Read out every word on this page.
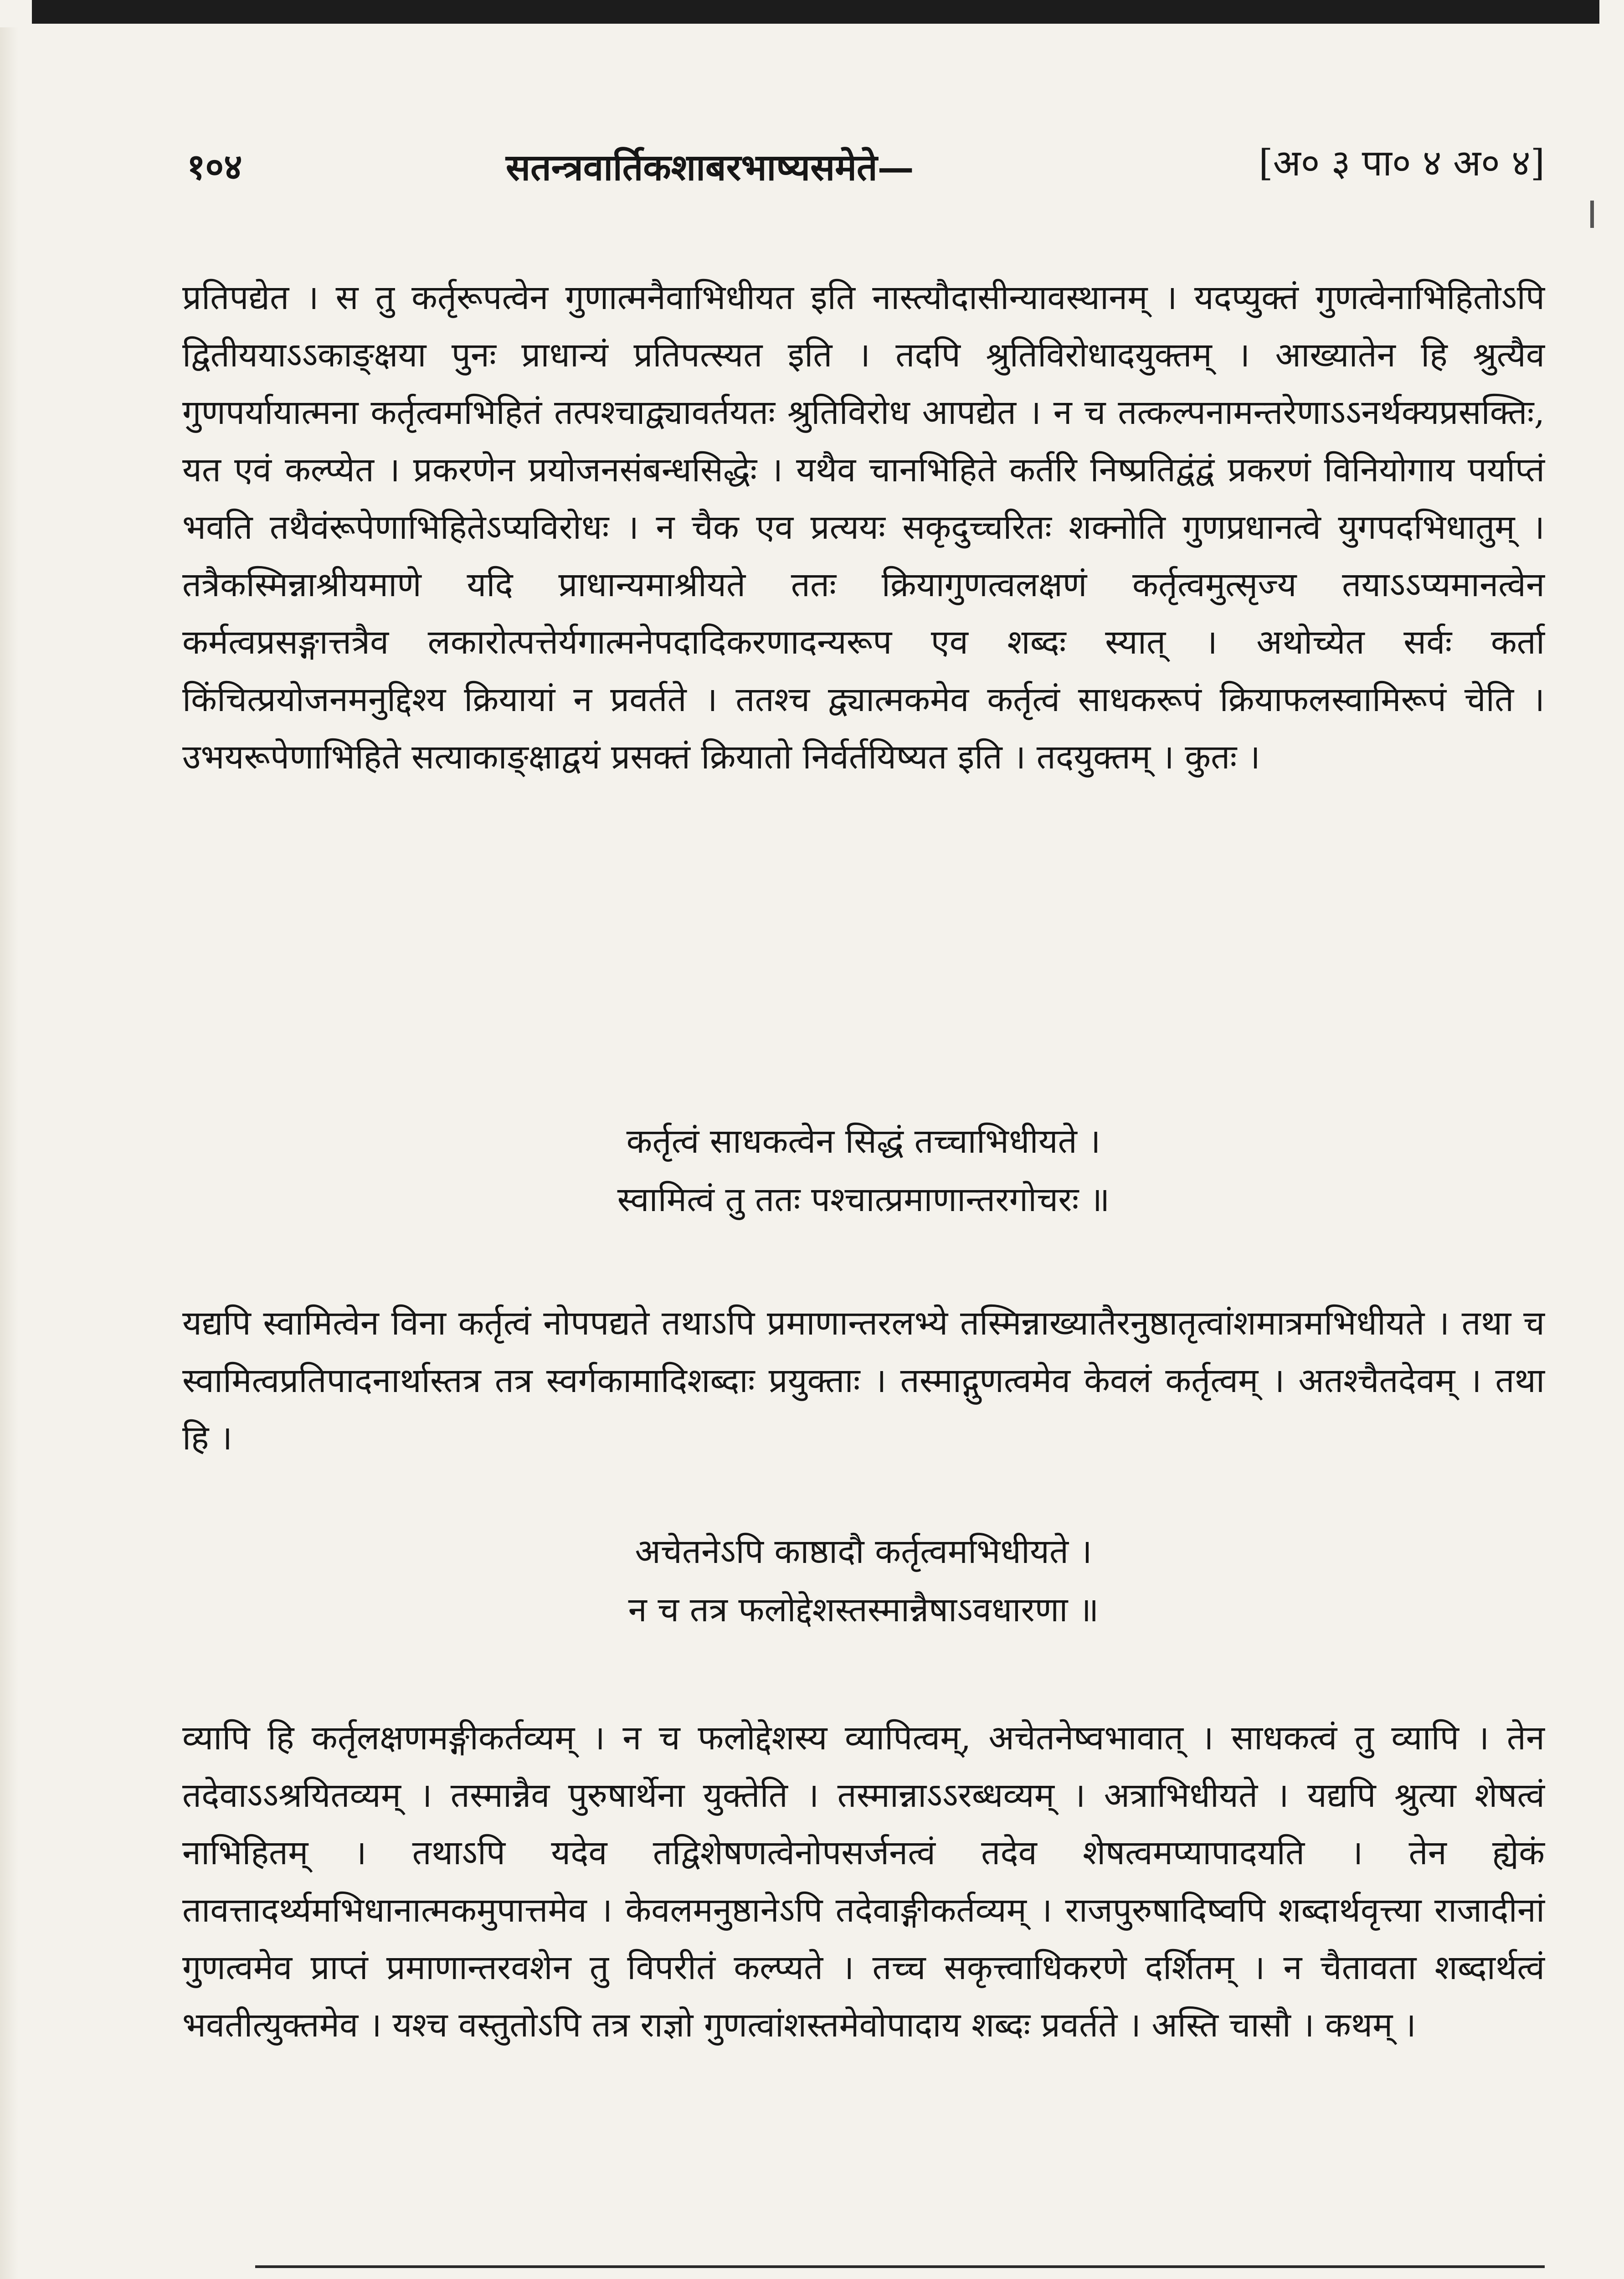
१०४	सतन्त्रवार्तिकशाबरभाष्यसमेते—	[अ० ३ पा० ४ अ० ४]

प्रतिपद्येत । स तु कर्तृरूपत्वेन गुणात्मनैवाभिधीयत इति नास्त्यौदासीन्यावस्थानम् । यदप्युक्तं गुणत्वेनाभिहितोऽपि द्वितीययाऽऽकाङ्क्षया पुनः प्राधान्यं प्रतिपत्स्यत इति । तदपि श्रुतिविरोधादयुक्तम् । आख्यातेन हि श्रुत्यैव गुणपर्यायात्मना कर्तृत्वमभिहितं तत्पश्चाद्व्यावर्तयतः श्रुतिविरोध आपद्येत । न च तत्कल्पनामन्तरेणाऽऽनर्थक्यप्रसक्तिः, यत एवं कल्प्येत । प्रकरणेन प्रयोजनसंबन्धसिद्धेः । यथैव चानभिहिते कर्तरि निष्प्रतिद्वंद्वं प्रकरणं विनियोगाय पर्याप्तं भवति तथैवंरूपेणाभिहितेऽप्यविरोधः । न चैक एव प्रत्ययः सकृदुच्चरितः शक्नोति गुणप्रधानत्वे युगपदभिधातुम् । तत्रैकस्मिन्नाश्रीयमाणे यदि प्राधान्यमाश्रीयते ततः क्रियागुणत्वलक्षणं कर्तृत्वमुत्सृज्य तयाऽऽप्यमानत्वेन कर्मत्वप्रसङ्गात्तत्रैव लकारोत्पत्तेर्यगात्मनेपदादिकरणादन्यरूप एव शब्दः स्यात् । अथोच्येत सर्वः कर्ता किंचित्प्रयोजनमनुद्दिश्य क्रियायां न प्रवर्तते । ततश्च द्व्यात्मकमेव कर्तृत्वं साधकरूपं क्रियाफलस्वामिरूपं चेति । उभयरूपेणाभिहिते सत्याकाङ्क्षाद्वयं प्रसक्तं क्रियातो निर्वर्तयिष्यत इति । तदयुक्तम् । कुतः ।

कर्तृत्वं साधकत्वेन सिद्धं तच्चाभिधीयते ।
स्वामित्वं तु ततः पश्चात्प्रमाणान्तरगोचरः ॥

यद्यपि स्वामित्वेन विना कर्तृत्वं नोपपद्यते तथाऽपि प्रमाणान्तरलभ्ये तस्मिन्नाख्यातैरनुष्ठातृत्वांशमात्रमभिधीयते । तथा च स्वामित्वप्रतिपादनार्थास्तत्र तत्र स्वर्गकामादिशब्दाः प्रयुक्ताः । तस्माद्गुणत्वमेव केवलं कर्तृत्वम् । अतश्चैतदेवम् । तथा हि ।

अचेतनेऽपि काष्ठादौ कर्तृत्वमभिधीयते ।
न च तत्र फलोद्देशस्तस्मान्नैषाऽवधारणा ॥

व्यापि हि कर्तृलक्षणमङ्गीकर्तव्यम् । न च फलोद्देशस्य व्यापित्वम्, अचेतनेष्वभावात् । साधकत्वं तु व्यापि । तेन तदेवाऽऽश्रयितव्यम् । तस्मान्नैव पुरुषार्थेना युक्तेति । तस्मान्नाऽऽरब्धव्यम् । अत्राभिधीयते । यद्यपि श्रुत्या शेषत्वं नाभिहितम् । तथाऽपि यदेव तद्विशेषणत्वेनोपसर्जनत्वं तदेव शेषत्वमप्यापादयति । तेन ह्येकं तावत्तादर्थ्यमभिधानात्मकमुपात्तमेव । केवलमनुष्ठानेऽपि तदेवाङ्गीकर्तव्यम् । राजपुरुषादिष्वपि शब्दार्थवृत्त्या राजादीनां गुणत्वमेव प्राप्तं प्रमाणान्तरवशेन तु विपरीतं कल्प्यते । तच्च सकृत्त्वाधिकरणे दर्शितम् । न चैतावता शब्दार्थत्वं भवतीत्युक्तमेव । यश्च वस्तुतोऽपि तत्र राज्ञो गुणत्वांशस्तमेवोपादाय शब्दः प्रवर्तते । अस्ति चासौ । कथम् ।
